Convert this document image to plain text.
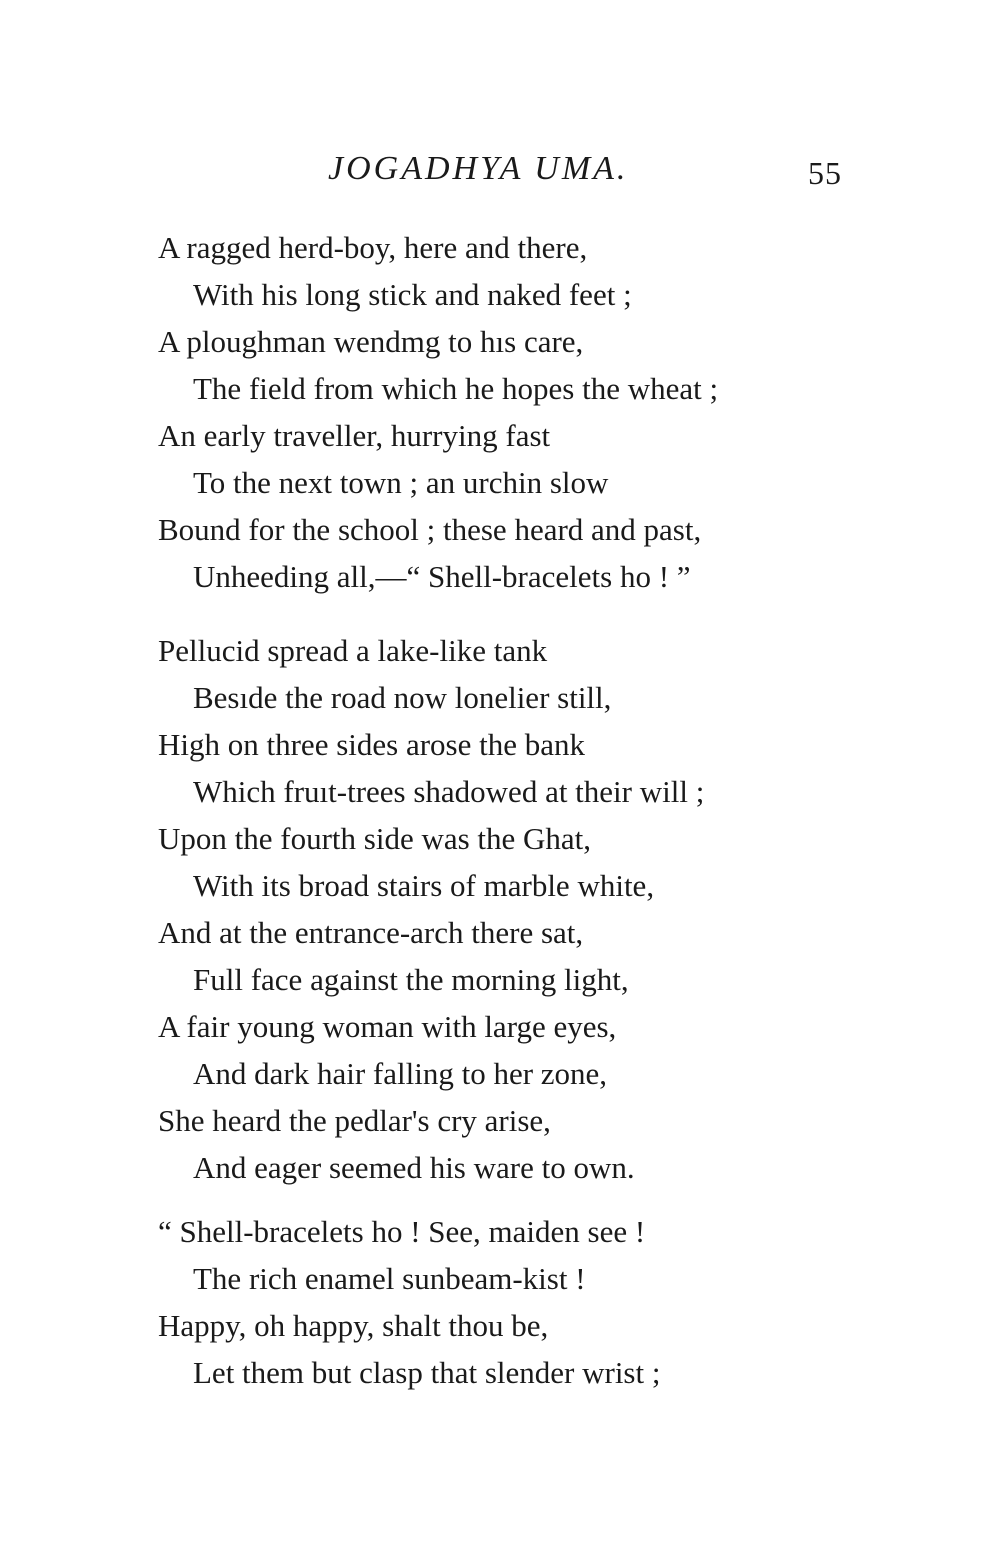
JOGADHYA UMA.	55
A ragged herd-boy, here and there,
With his long stick and naked feet ;
A ploughman wendmg to hıs care,
The field from which he hopes the wheat ;
An early traveller, hurrying fast
To the next town ; an urchin slow
Bound for the school ; these heard and past,
Unheeding all,—“ Shell-bracelets ho ! ”
Pellucid spread a lake-like tank
Besıde the road now lonelier still,
High on three sides arose the bank
Which fruıt-trees shadowed at their will ;
Upon the fourth side was the Ghat,
With its broad stairs of marble white,
And at the entrance-arch there sat,
Full face against the morning light,
A fair young woman with large eyes,
And dark hair falling to her zone,
She heard the pedlar's cry arise,
And eager seemed his ware to own.
“ Shell-bracelets ho ! See, maiden see !
The rich enamel sunbeam-kist !
Happy, oh happy, shalt thou be,
Let them but clasp that slender wrist ;
